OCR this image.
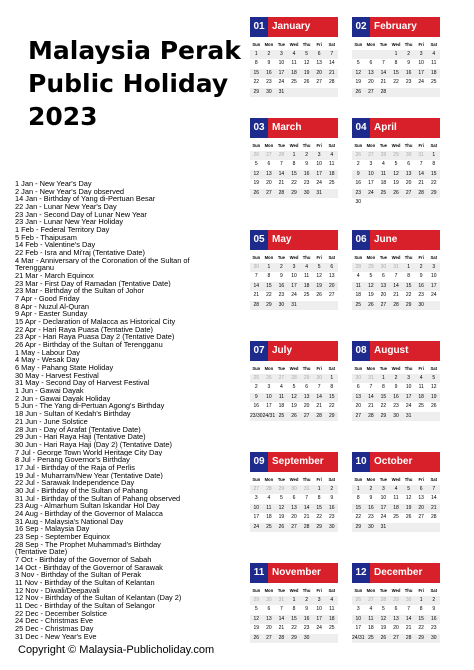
Malaysia Perak
Public Holiday
2023
1 Jan - New Year's Day
2 Jan - New Year's Day observed
14 Jan - Birthday of Yang di-Pertuan Besar
22 Jan - Lunar New Year's Day
23 Jan - Second Day of Lunar New Year
23 Jan - Lunar New Year Holiday
1 Feb - Federal Territory Day
5 Feb - Thaipusam
14 Feb - Valentine's Day
22 Feb - Isra and Mi'raj (Tentative Date)
4 Mar - Anniversary of the Coronation of the Sultan of
Terengganu
21 Mar - March Equinox
23 Mar - First Day of Ramadan (Tentative Date)
23 Mar - Birthday of the Sultan of Johor
7 Apr - Good Friday
8 Apr - Nuzul Al-Quran
9 Apr - Easter Sunday
15 Apr - Declaration of Malacca as Historical City
22 Apr - Hari Raya Puasa (Tentative Date)
23 Apr - Hari Raya Puasa Day 2 (Tentative Date)
26 Apr - Birthday of the Sultan of Terengganu
1 May - Labour Day
4 May - Wesak Day
6 May - Pahang State Holiday
30 May - Harvest Festival
31 May - Second Day of Harvest Festival
1 Jun - Gawai Dayak
2 Jun - Gawai Dayak Holiday
5 Jun - The Yang di-Pertuan Agong's Birthday
18 Jun - Sultan of Kedah's Birthday
21 Jun - June Solstice
28 Jun - Day of Arafat (Tentative Date)
29 Jun - Hari Raya Haji (Tentative Date)
30 Jun - Hari Raya Haji (Day 2) (Tentative Date)
7 Jul - George Town World Heritage City Day
8 Jul - Penang Governor's Birthday
17 Jul - Birthday of the Raja of Perlis
19 Jul - Muharram/New Year (Tentative Date)
22 Jul - Sarawak Independence Day
30 Jul - Birthday of the Sultan of Pahang
31 Jul - Birthday of the Sultan of Pahang observed
23 Aug - Almarhum Sultan Iskandar Hol Day
24 Aug - Birthday of the Governor of Malacca
31 Aug - Malaysia's National Day
16 Sep - Malaysia Day
23 Sep - September Equinox
28 Sep - The Prophet Muhammad's Birthday
(Tentative Date)
7 Oct - Birthday of the Governor of Sabah
14 Oct - Birthday of the Governor of Sarawak
3 Nov - Birthday of the Sultan of Perak
11 Nov - Birthday of the Sultan of Kelantan
12 Nov - Diwali/Deepavali
12 Nov - Birthday of the Sultan of Kelantan (Day 2)
11 Dec - Birthday of the Sultan of Selangor
22 Dec - December Solstice
24 Dec - Christmas Eve
25 Dec - Christmas Day
31 Dec - New Year's Eve
01 January
Sun	Mon	Tue	Wed	Thu	Fri	Sat
1	2	3	4	5	6	7
8	9	10	11	12	13	14
15	16	17	18	19	20	21
22	23	24	25	26	27	28
29	30	31
02 February
Sun	Mon	Tue	Wed	Thu	Fri	Sat
1	2	3	4
5	6	7	8	9	10	11
12	13	14	15	16	17	18
19	20	21	22	23	24	25
26	27	28
03 March
Sun	Mon	Tue	Wed	Thu	Fri	Sat
26	27	28	1	2	3	4
5	6	7	8	9	10	11
12	13	14	15	16	17	18
19	20	21	22	23	24	25
26	27	28	29	30	31
04 April
Sun	Mon	Tue	Wed	Thu	Fri	Sat
26	27	28	29	30	31	1
2	3	4	5	6	7	8
9	10	11	12	13	14	15
16	17	18	19	20	21	22
23	24	25	26	27	28	29
30
05 May
Sun	Mon	Tue	Wed	Thu	Fri	Sat
30	1	2	3	4	5	6
7	8	9	10	11	12	13
14	15	16	17	18	19	20
21	22	23	24	25	26	27
28	29	30	31
06 June
Sun	Mon	Tue	Wed	Thu	Fri	Sat
28	29	30	31	1	2	3
4	5	6	7	8	9	10
11	12	13	14	15	16	17
18	19	20	21	22	23	24
25	26	27	28	29	30
07 July
Sun	Mon	Tue	Wed	Thu	Fri	Sat
25	26	27	28	29	30	1
2	3	4	5	6	7	8
9	10	11	12	13	14	15
16	17	18	19	20	21	22
23/30 24/31 25	26	27	28	29
08 August
Sun	Mon	Tue	Wed	Thu	Fri	Sat
30	31	1	2	3	4	5
6	7	8	9	10	11	12
13	14	15	16	17	18	19
20	21	22	23	24	25	26
27	28	29	30	31
09 September
Sun	Mon	Tue	Wed	Thu	Fri	Sat
27	28	29	30	31	1	2
3	4	5	6	7	8	9
10	11	12	13	14	15	16
17	18	19	20	21	22	23
24	25	26	27	28	29	30
10 October
Sun	Mon	Tue	Wed	Thu	Fri	Sat
1	2	3	4	5	6	7
8	9	10	11	12	13	14
15	16	17	18	19	20	21
22	23	24	25	26	27	28
29	30	31
11 November
Sun	Mon	Tue	Wed	Thu	Fri	Sat
29	30	31	1	2	3	4
5	6	7	8	9	10	11
12	13	14	15	16	17	18
19	20	21	22	23	24	25
26	27	28	29	30
12 December
Sun	Mon	Tue	Wed	Thu	Fri	Sat
26	27	28	29	30	1	2
3	4	5	6	7	8	9
10	11	12	13	14	15	16
17	18	19	20	21	22	23
24/31 25	26	27	28	29	30
Copyright © Malaysia-Publicholiday.com
